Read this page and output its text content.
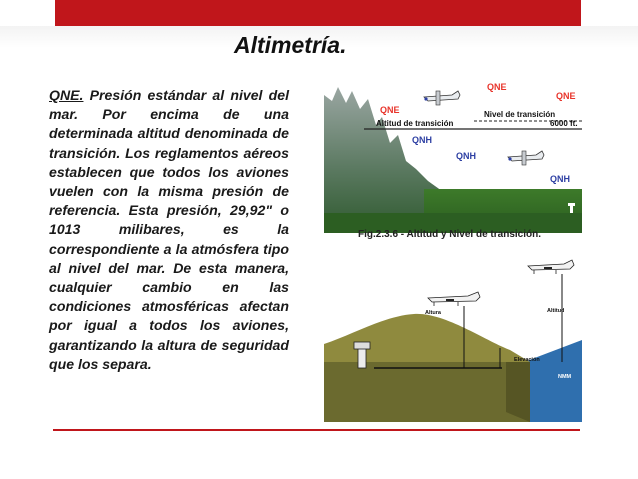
Altimetría.

QNE. Presión estándar al nivel del mar. Por encima de una determinada altitud denominada de transición. Los reglamentos aéreos establecen que todos los aviones vuelen con la misma presión de referencia. Esta presión, 29,92" o 1013 milibares, es la correspondiente a la atmósfera tipo al nivel del mar. De esta manera, cualquier cambio en las condiciones atmosféricas afectan por igual a todos los aviones, garantizando la altura de seguridad que los separa.

Altitud de transición
Nivel de transición
6000 ft.
QNE
QNE
QNE
QNH
QNH
QNH

Fig.2.3.6 - Altitud y Nivel de transición.

Altura	Altitud
Elevación
NMM
